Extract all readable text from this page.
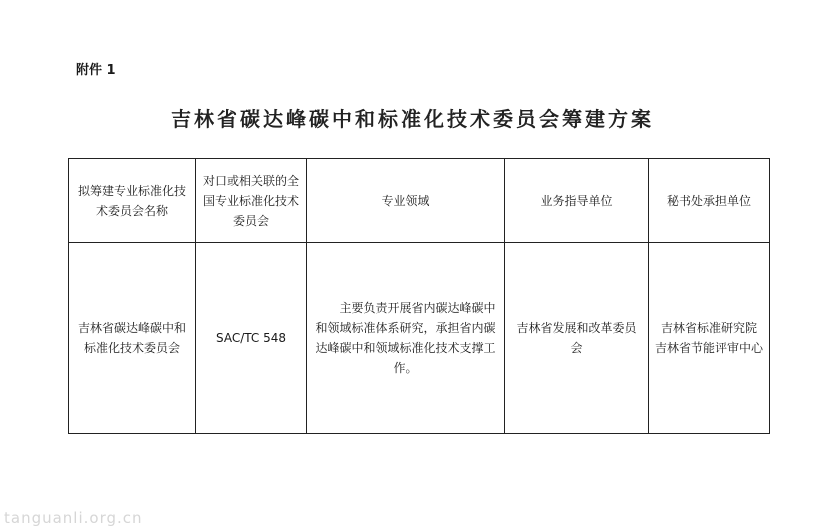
附件 1
吉林省碳达峰碳中和标准化技术委员会筹建方案
拟筹建专业标准化技术委员会名称	对口或相关联的全国专业标准化技术委员会	专业领域	业务指导单位	秘书处承担单位
吉林省碳达峰碳中和标准化技术委员会	SAC/TC 548	主要负责开展省内碳达峰碳中和领域标准体系研究，承担省内碳达峰碳中和领域标准化技术支撑工作。	吉林省发展和改革委员会	吉林省标准研究院
吉林省节能评审中心
tanguanli.org.cn
